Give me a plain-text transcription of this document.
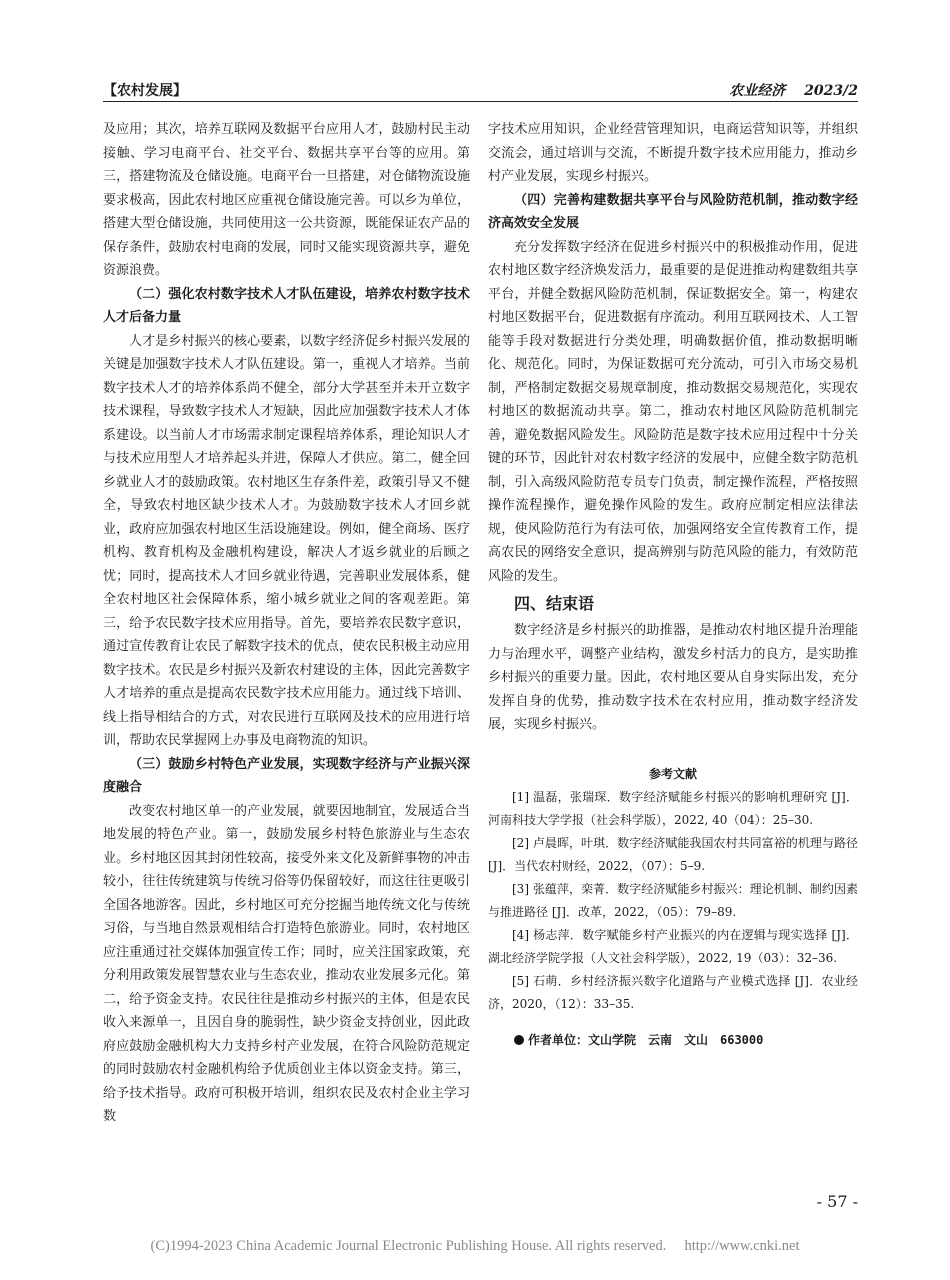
【农村发展】	农业经济 2023/2

及应用；其次，培养互联网及数据平台应用人才，鼓励村民主动接触、学习电商平台、社交平台、数据共享平台等的应用。第三，搭建物流及仓储设施。电商平台一旦搭建，对仓储物流设施要求极高，因此农村地区应重视仓储设施完善。可以乡为单位，搭建大型仓储设施，共同使用这一公共资源，既能保证农产品的保存条件，鼓励农村电商的发展，同时又能实现资源共享，避免资源浪费。

（二）强化农村数字技术人才队伍建设，培养农村数字技术人才后备力量

人才是乡村振兴的核心要素，以数字经济促乡村振兴发展的关键是加强数字技术人才队伍建设。第一，重视人才培养。当前数字技术人才的培养体系尚不健全，部分大学甚至并未开立数字技术课程，导致数字技术人才短缺，因此应加强数字技术人才体系建设。以当前人才市场需求制定课程培养体系，理论知识人才与技术应用型人才培养起头并进，保障人才供应。第二，健全回乡就业人才的鼓励政策。农村地区生存条件差，政策引导又不健全，导致农村地区缺少技术人才。为鼓励数字技术人才回乡就业，政府应加强农村地区生活设施建设。例如，健全商场、医疗机构、教育机构及金融机构建设，解决人才返乡就业的后顾之忧；同时，提高技术人才回乡就业待遇，完善职业发展体系，健全农村地区社会保障体系，缩小城乡就业之间的客观差距。第三，给予农民数字技术应用指导。首先，要培养农民数字意识，通过宣传教育让农民了解数字技术的优点，使农民积极主动应用数字技术。农民是乡村振兴及新农村建设的主体，因此完善数字人才培养的重点是提高农民数字技术应用能力。通过线下培训、线上指导相结合的方式，对农民进行互联网及技术的应用进行培训，帮助农民掌握网上办事及电商物流的知识。

（三）鼓励乡村特色产业发展，实现数字经济与产业振兴深度融合

改变农村地区单一的产业发展，就要因地制宜，发展适合当地发展的特色产业。第一，鼓励发展乡村特色旅游业与生态农业。乡村地区因其封闭性较高，接受外来文化及新鲜事物的冲击较小，往往传统建筑与传统习俗等仍保留较好，而这往往更吸引全国各地游客。因此，乡村地区可充分挖掘当地传统文化与传统习俗，与当地自然景观相结合打造特色旅游业。同时，农村地区应注重通过社交媒体加强宣传工作；同时，应关注国家政策，充分利用政策发展智慧农业与生态农业，推动农业发展多元化。第二，给予资金支持。农民往往是推动乡村振兴的主体，但是农民收入来源单一，且因自身的脆弱性，缺少资金支持创业，因此政府应鼓励金融机构大力支持乡村产业发展，在符合风险防范规定的同时鼓励农村金融机构给予优质创业主体以资金支持。第三，给予技术指导。政府可积极开培训，组织农民及农村企业主学习数

字技术应用知识，企业经营管理知识，电商运营知识等，并组织交流会，通过培训与交流，不断提升数字技术应用能力，推动乡村产业发展，实现乡村振兴。

（四）完善构建数据共享平台与风险防范机制，推动数字经济高效安全发展

充分发挥数字经济在促进乡村振兴中的积极推动作用，促进农村地区数字经济焕发活力，最重要的是促进推动构建数组共享平台，并健全数据风险防范机制，保证数据安全。第一，构建农村地区数据平台，促进数据有序流动。利用互联网技术、人工智能等手段对数据进行分类处理，明确数据价值，推动数据明晰化、规范化。同时，为保证数据可充分流动，可引入市场交易机制，严格制定数据交易规章制度，推动数据交易规范化，实现农村地区的数据流动共享。第二，推动农村地区风险防范机制完善，避免数据风险发生。风险防范是数字技术应用过程中十分关键的环节，因此针对农村数字经济的发展中，应健全数字防范机制，引入高级风险防范专员专门负责，制定操作流程，严格按照操作流程操作，避免操作风险的发生。政府应制定相应法律法规，使风险防范行为有法可依，加强网络安全宣传教育工作，提高农民的网络安全意识，提高辨别与防范风险的能力，有效防范风险的发生。

四、结束语

数字经济是乡村振兴的助推器，是推动农村地区提升治理能力与治理水平，调整产业结构，激发乡村活力的良方，是实助推乡村振兴的重要力量。因此，农村地区要从自身实际出发，充分发挥自身的优势，推动数字技术在农村应用，推动数字经济发展，实现乡村振兴。

参考文献

[1] 温磊，张瑞琛．数字经济赋能乡村振兴的影响机理研究 [J]．河南科技大学学报（社会科学版），2022, 40（04）：25–30.

[2] 卢晨晖，叶琪．数字经济赋能我国农村共同富裕的机理与路径 [J]．当代农村财经，2022，（07）：5–9.

[3] 张蕴萍，栾菁．数字经济赋能乡村振兴：理论机制、制约因素与推进路径 [J]．改革，2022，（05）：79–89.

[4] 杨志萍．数字赋能乡村产业振兴的内在逻辑与现实选择 [J]．湖北经济学院学报（人文社会科学版），2022, 19（03）：32–36.

[5] 石萌．乡村经济振兴数字化道路与产业模式选择 [J]．农业经济，2020，（12）：33–35.

作者单位：文山学院　云南　文山　663000
- 57 -
(C)1994-2023 China Academic Journal Electronic Publishing House. All rights reserved.　 http://www.cnki.net
